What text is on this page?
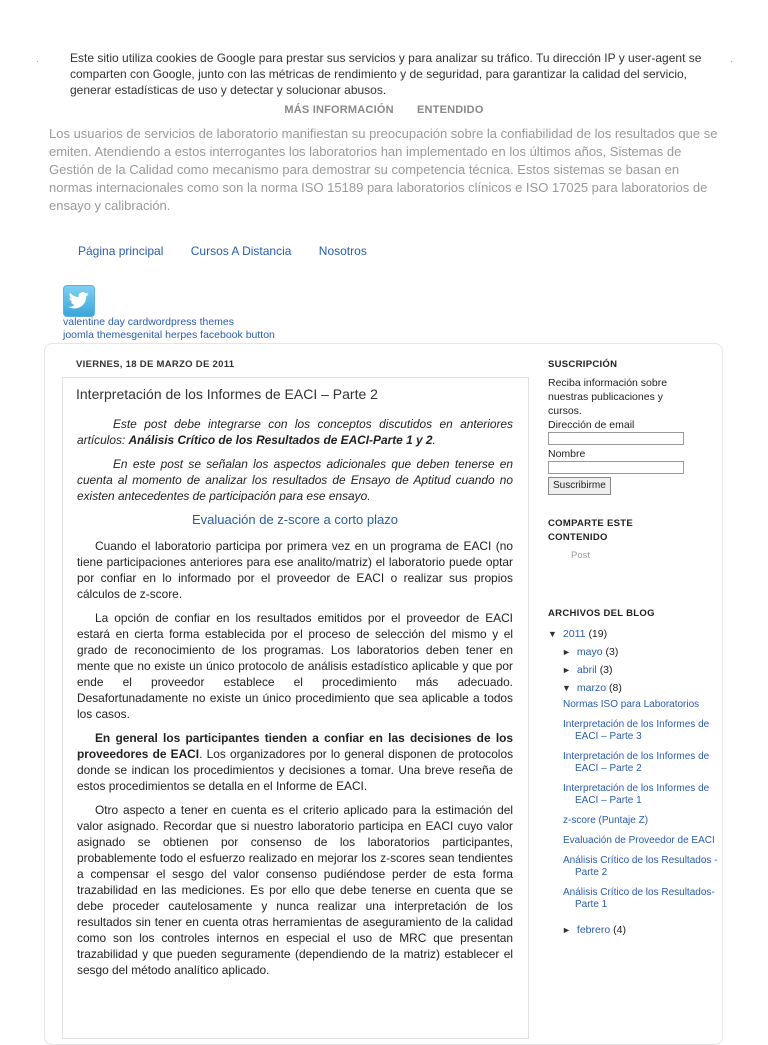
·	·
Este sitio utiliza cookies de Google para prestar sus servicios y para analizar su tráfico. Tu dirección IP y user-agent se comparten con Google, junto con las métricas de rendimiento y de seguridad, para garantizar la calidad del servicio, generar estadísticas de uso y detectar y solucionar abusos.
MÁS INFORMACIÓN ENTENDIDO
Los usuarios de servicios de laboratorio manifiestan su preocupación sobre la confiabilidad de los resultados que se emiten. Atendiendo a estos interrogantes los laboratorios han implementado en los últimos años, Sistemas de Gestión de la Calidad como mecanismo para demostrar su competencia técnica. Estos sistemas se basan en normas internacionales como son la norma ISO 15189 para laboratorios clínicos e ISO 17025 para laboratorios de ensayo y calibración.
Página principal Cursos A Distancia Nosotros
valentine day cardwordpress themes
joomla themesgenital herpes facebook button
VIERNES, 18 DE MARZO DE 2011
Interpretación de los Informes de EACI – Parte 2

Este post debe integrarse con los conceptos discutidos en anteriores artículos: Análisis Crítico de los Resultados de EACI-Parte 1 y 2.

En este post se señalan los aspectos adicionales que deben tenerse en cuenta al momento de analizar los resultados de Ensayo de Aptitud cuando no existen antecedentes de participación para ese ensayo.

Evaluación de z-score a corto plazo

Cuando el laboratorio participa por primera vez en un programa de EACI (no tiene participaciones anteriores para ese analito/matriz) el laboratorio puede optar por confiar en lo informado por el proveedor de EACI o realizar sus propios cálculos de z-score.

La opción de confiar en los resultados emitidos por el proveedor de EACI estará en cierta forma establecida por el proceso de selección del mismo y el grado de reconocimiento de los programas. Los laboratorios deben tener en mente que no existe un único protocolo de análisis estadístico aplicable y que por ende el proveedor establece el procedimiento más adecuado. Desafortunadamente no existe un único procedimiento que sea aplicable a todos los casos.

En general los participantes tienden a confiar en las decisiones de los proveedores de EACI. Los organizadores por lo general disponen de protocolos donde se indican los procedimientos y decisiones a tomar. Una breve reseña de estos procedimientos se detalla en el Informe de EACI.

Otro aspecto a tener en cuenta es el criterio aplicado para la estimación del valor asignado. Recordar que si nuestro laboratorio participa en EACI cuyo valor asignado se obtienen por consenso de los laboratorios participantes, probablemente todo el esfuerzo realizado en mejorar los z-scores sean tendientes a compensar el sesgo del valor consenso pudiéndose perder de esta forma trazabilidad en las mediciones. Es por ello que debe tenerse en cuenta que se debe proceder cautelosamente y nunca realizar una interpretación de los resultados sin tener en cuenta otras herramientas de aseguramiento de la calidad como son los controles internos en especial el uso de MRC que presentan trazabilidad y que pueden seguramente (dependiendo de la matriz) establecer el sesgo del método analítico aplicado.

SUSCRIPCIÓN
Reciba información sobre nuestras publicaciones y cursos.
Dirección de email
Nombre
Suscribirme
COMPARTE ESTE CONTENIDO
Post
ARCHIVOS DEL BLOG
▼ 2011 (19)
► mayo (3)
► abril (3)
▼ marzo (8)
Normas ISO para Laboratorios
Interpretación de los Informes de EACI – Parte 3
Interpretación de los Informes de EACI – Parte 2
Interpretación de los Informes de EACI – Parte 1
z-score (Puntaje Z)
Evaluación de Proveedor de EACI
Análisis Crítico de los Resultados - Parte 2
Análisis Crítico de los Resultados-Parte 1
► febrero (4)
